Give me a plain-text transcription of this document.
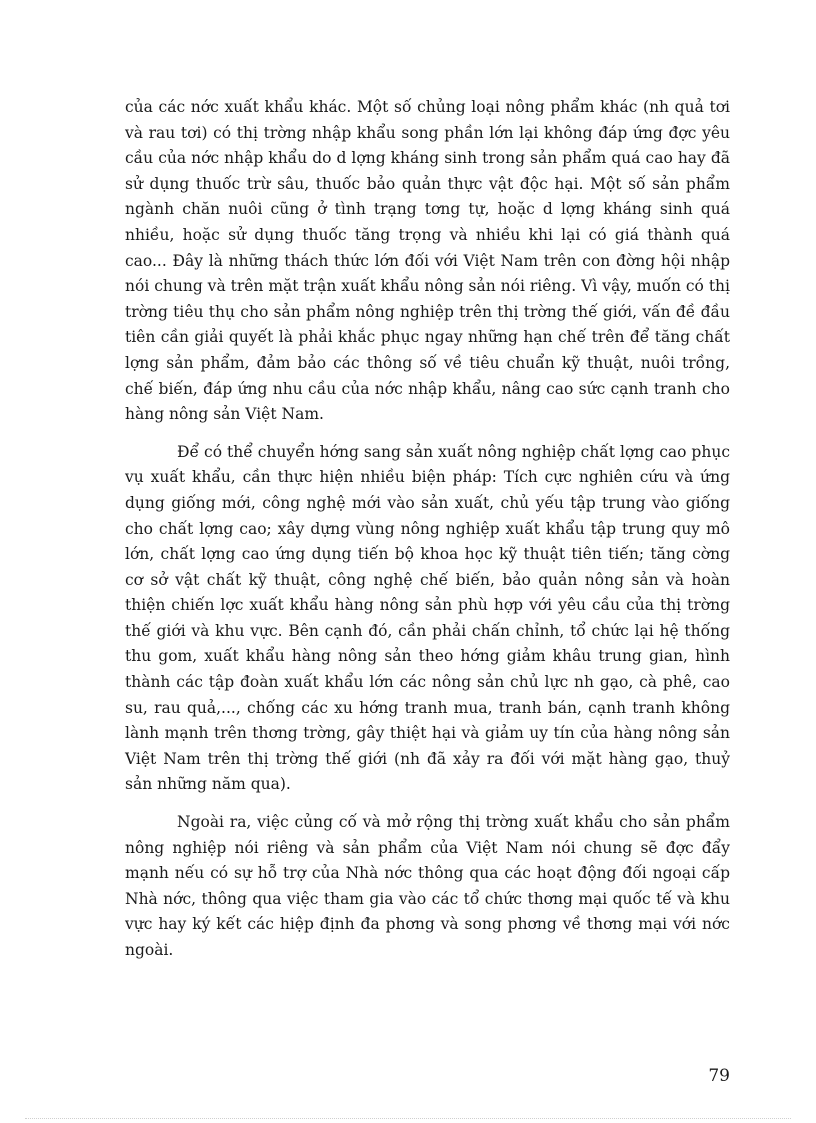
của các nớc xuất khẩu khác. Một số chủng loại nông phẩm khác (nh quả tơi và rau tơi) có thị trờng nhập khẩu song phần lớn lại không đáp ứng đợc yêu cầu của nớc nhập khẩu do d lợng kháng sinh trong sản phẩm quá cao hay đã sử dụng thuốc trừ sâu, thuốc bảo quản thực vật độc hại. Một số sản phẩm ngành chăn nuôi cũng ở tình trạng tơng tự, hoặc d lợng kháng sinh quá nhiều, hoặc sử dụng thuốc tăng trọng và nhiều khi lại có giá thành quá cao... Đây là những thách thức lớn đối với Việt Nam trên con đờng hội nhập nói chung và trên mặt trận xuất khẩu nông sản nói riêng. Vì vậy, muốn có thị trờng tiêu thụ cho sản phẩm nông nghiệp trên thị trờng thế giới, vấn đề đầu tiên cần giải quyết là phải khắc phục ngay những hạn chế trên để tăng chất lợng sản phẩm, đảm bảo các thông số về tiêu chuẩn kỹ thuật, nuôi trồng, chế biến, đáp ứng nhu cầu của nớc nhập khẩu, nâng cao sức cạnh tranh cho hàng nông sản Việt Nam.

Để có thể chuyển hớng sang sản xuất nông nghiệp chất lợng cao phục vụ xuất khẩu, cần thực hiện nhiều biện pháp: Tích cực nghiên cứu và ứng dụng giống mới, công nghệ mới vào sản xuất, chủ yếu tập trung vào giống cho chất lợng cao; xây dựng vùng nông nghiệp xuất khẩu tập trung quy mô lớn, chất lợng cao ứng dụng tiến bộ khoa học kỹ thuật tiên tiến; tăng cờng cơ sở vật chất kỹ thuật, công nghệ chế biến, bảo quản nông sản và hoàn thiện chiến lợc xuất khẩu hàng nông sản phù hợp với yêu cầu của thị trờng thế giới và khu vực. Bên cạnh đó, cần phải chấn chỉnh, tổ chức lại hệ thống thu gom, xuất khẩu hàng nông sản theo hớng giảm khâu trung gian, hình thành các tập đoàn xuất khẩu lớn các nông sản chủ lực nh gạo, cà phê, cao su, rau quả,..., chống các xu hớng tranh mua, tranh bán, cạnh tranh không lành mạnh trên thơng trờng, gây thiệt hại và giảm uy tín của hàng nông sản Việt Nam trên thị trờng thế giới (nh đã xảy ra đối với mặt hàng gạo, thuỷ sản những năm qua).

Ngoài ra, việc củng cố và mở rộng thị trờng xuất khẩu cho sản phẩm nông nghiệp nói riêng và sản phẩm của Việt Nam nói chung sẽ đợc đẩy mạnh nếu có sự hỗ trợ của Nhà nớc thông qua các hoạt động đối ngoại cấp Nhà nớc, thông qua việc tham gia vào các tổ chức thơng mại quốc tế và khu vực hay ký kết các hiệp định đa phơng và song phơng về thơng mại với nớc ngoài.

79
